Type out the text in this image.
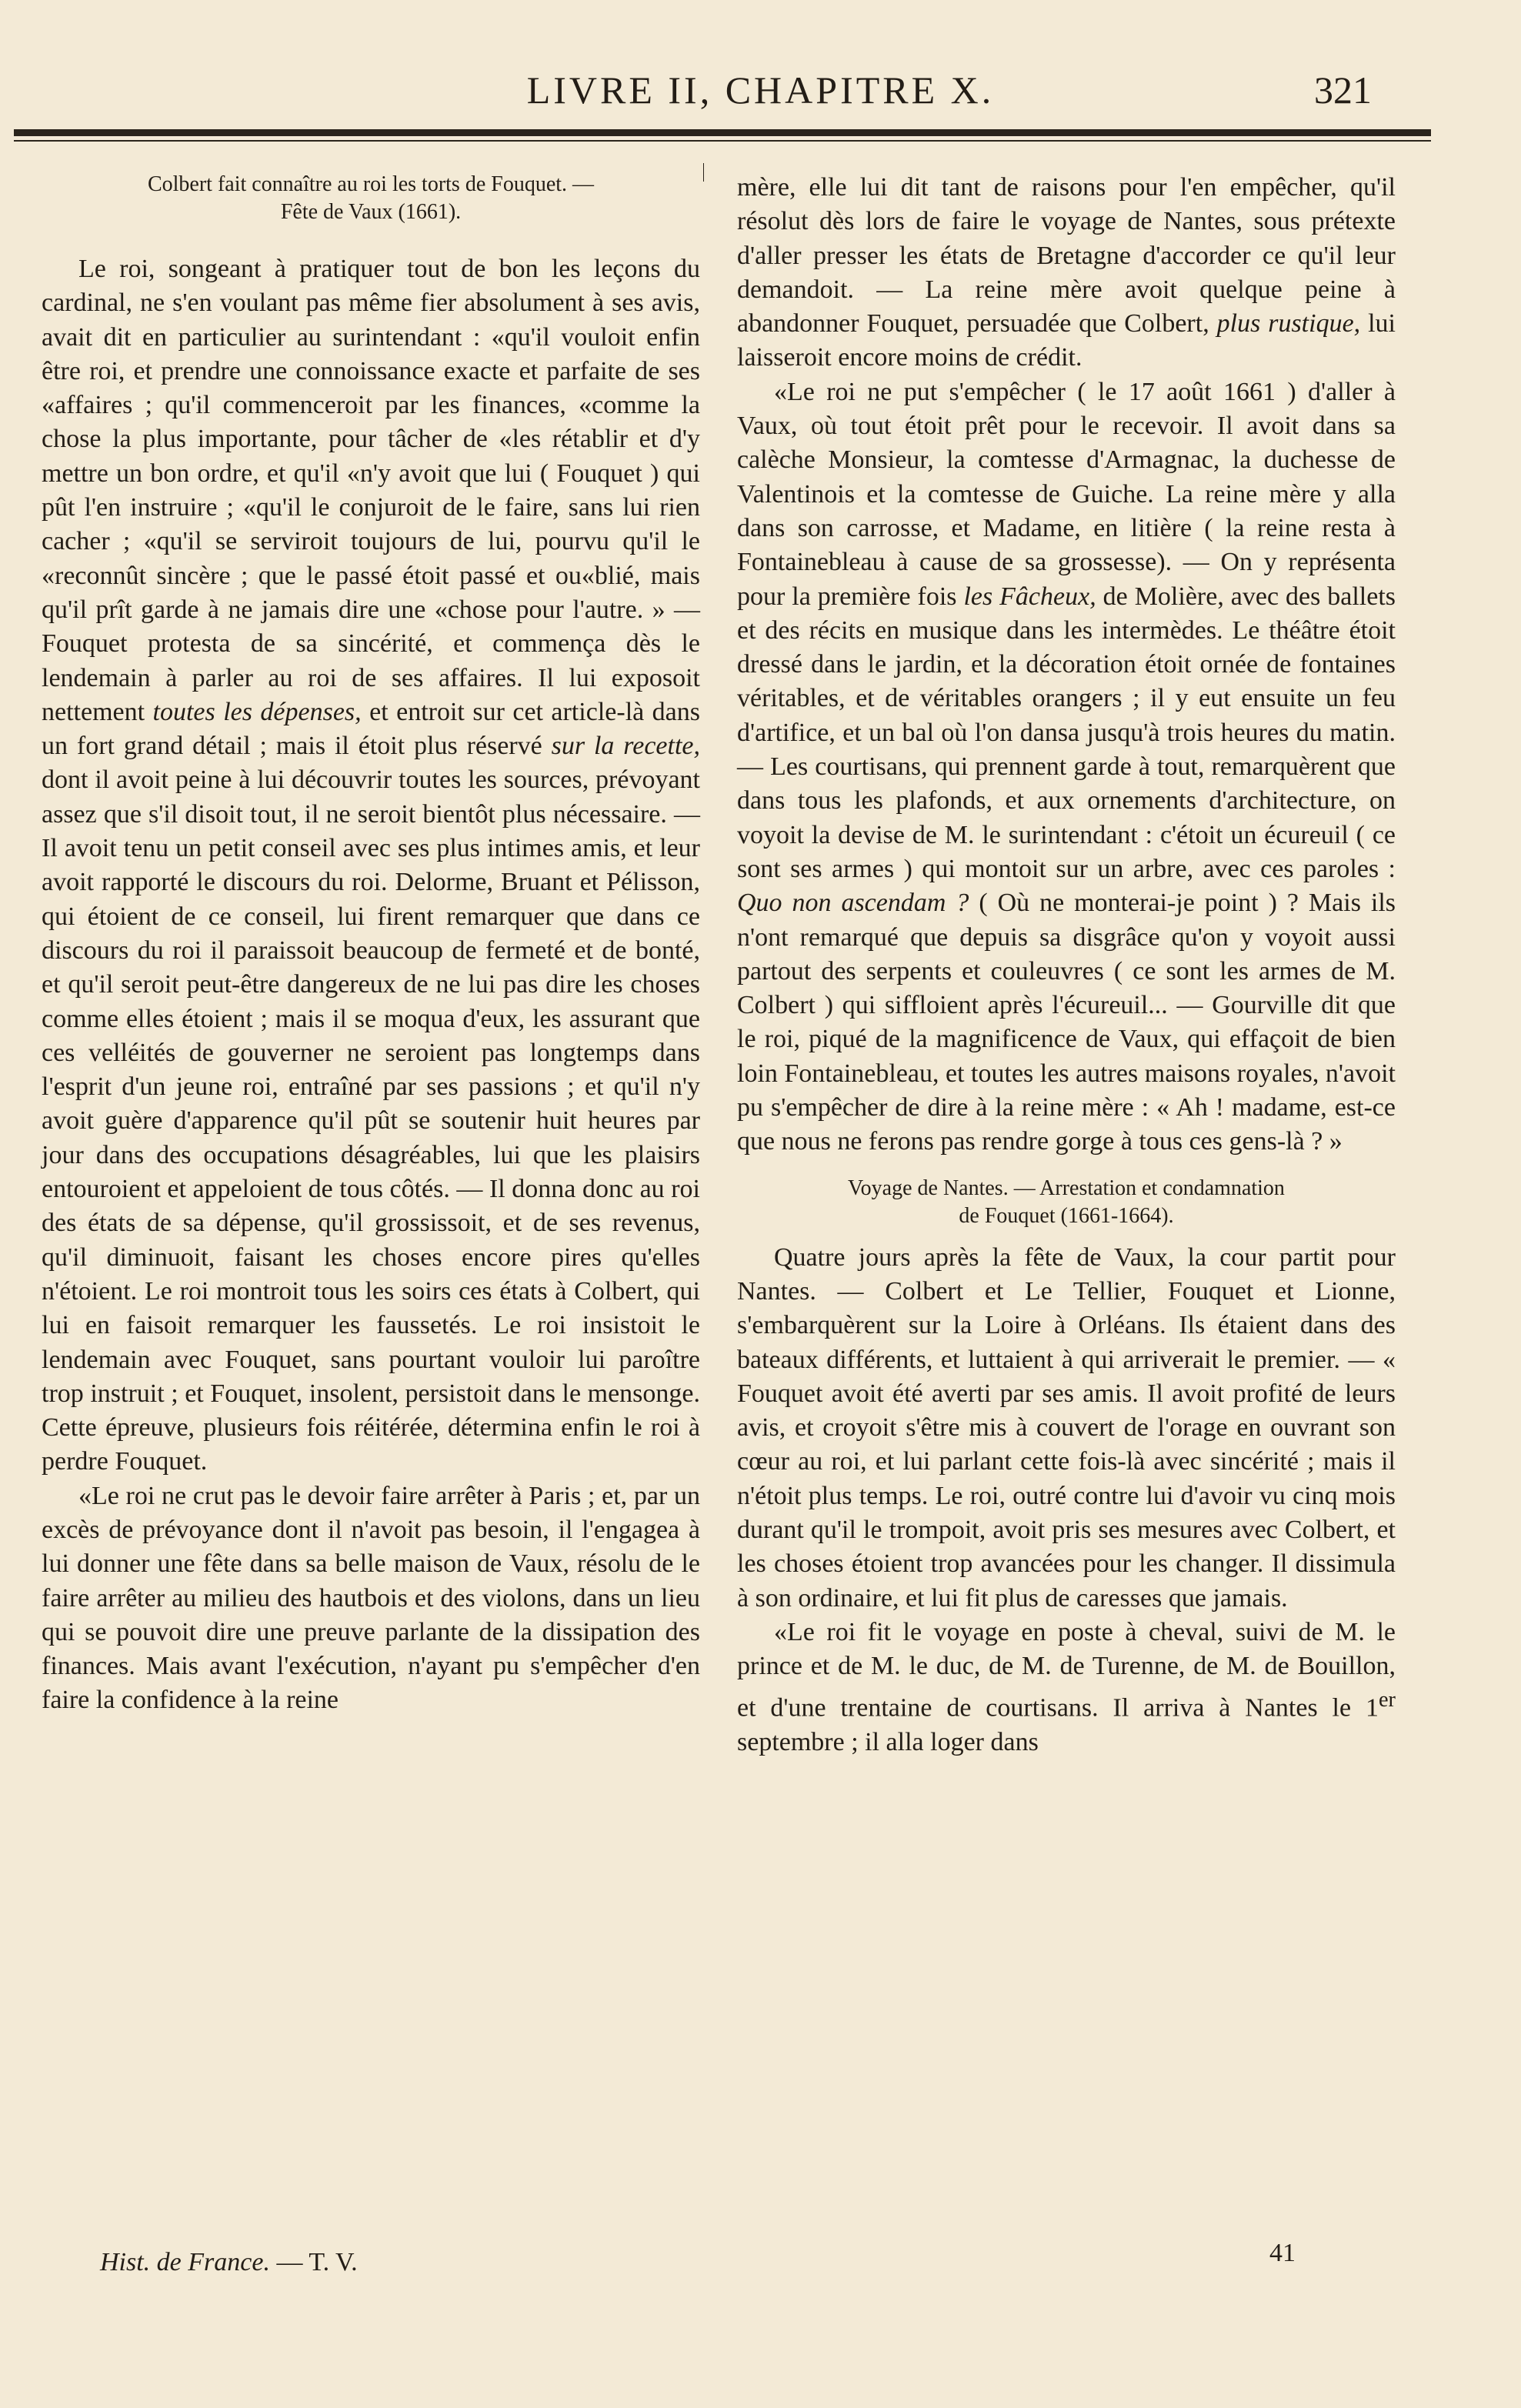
LIVRE II, CHAPITRE X.	321

Colbert fait connaître au roi les torts de Fouquet. —
Fête de Vaux (1661).

Le roi, songeant à pratiquer tout de bon les leçons du cardinal, ne s'en voulant pas même fier absolument à ses avis, avait dit en particulier au surintendant : «qu'il vouloit enfin être roi, et prendre une connoissance exacte et parfaite de ses «affaires ; qu'il commenceroit par les finances, «comme la chose la plus importante, pour tâcher de «les rétablir et d'y mettre un bon ordre, et qu'il «n'y avoit que lui ( Fouquet ) qui pût l'en instruire ; «qu'il le conjuroit de le faire, sans lui rien cacher ; «qu'il se serviroit toujours de lui, pourvu qu'il le «reconnût sincère ; que le passé étoit passé et ou«blié, mais qu'il prît garde à ne jamais dire une «chose pour l'autre. » — Fouquet protesta de sa sincérité, et commença dès le lendemain à parler au roi de ses affaires. Il lui exposoit nettement toutes les dépenses, et entroit sur cet article-là dans un fort grand détail ; mais il étoit plus réservé sur la recette, dont il avoit peine à lui découvrir toutes les sources, prévoyant assez que s'il disoit tout, il ne seroit bientôt plus nécessaire. — Il avoit tenu un petit conseil avec ses plus intimes amis, et leur avoit rapporté le discours du roi. Delorme, Bruant et Pélisson, qui étoient de ce conseil, lui firent remarquer que dans ce discours du roi il paraissoit beaucoup de fermeté et de bonté, et qu'il seroit peut-être dangereux de ne lui pas dire les choses comme elles étoient ; mais il se moqua d'eux, les assurant que ces velléités de gouverner ne seroient pas longtemps dans l'esprit d'un jeune roi, entraîné par ses passions ; et qu'il n'y avoit guère d'apparence qu'il pût se soutenir huit heures par jour dans des occupations désagréables, lui que les plaisirs entouroient et appeloient de tous côtés. — Il donna donc au roi des états de sa dépense, qu'il grossissoit, et de ses revenus, qu'il diminuoit, faisant les choses encore pires qu'elles n'étoient. Le roi montroit tous les soirs ces états à Colbert, qui lui en faisoit remarquer les faussetés. Le roi insistoit le lendemain avec Fouquet, sans pourtant vouloir lui paroître trop instruit ; et Fouquet, insolent, persistoit dans le mensonge. Cette épreuve, plusieurs fois réitérée, détermina enfin le roi à perdre Fouquet.

«Le roi ne crut pas le devoir faire arrêter à Paris ; et, par un excès de prévoyance dont il n'avoit pas besoin, il l'engagea à lui donner une fête dans sa belle maison de Vaux, résolu de le faire arrêter au milieu des hautbois et des violons, dans un lieu qui se pouvoit dire une preuve parlante de la dissipation des finances. Mais avant l'exécution, n'ayant pu s'empêcher d'en faire la confidence à la reine

mère, elle lui dit tant de raisons pour l'en empêcher, qu'il résolut dès lors de faire le voyage de Nantes, sous prétexte d'aller presser les états de Bretagne d'accorder ce qu'il leur demandoit. — La reine mère avoit quelque peine à abandonner Fouquet, persuadée que Colbert, plus rustique, lui laisseroit encore moins de crédit.

«Le roi ne put s'empêcher ( le 17 août 1661 ) d'aller à Vaux, où tout étoit prêt pour le recevoir. Il avoit dans sa calèche Monsieur, la comtesse d'Armagnac, la duchesse de Valentinois et la comtesse de Guiche. La reine mère y alla dans son carrosse, et Madame, en litière ( la reine resta à Fontainebleau à cause de sa grossesse). — On y représenta pour la première fois les Fâcheux, de Molière, avec des ballets et des récits en musique dans les intermèdes. Le théâtre étoit dressé dans le jardin, et la décoration étoit ornée de fontaines véritables, et de véritables orangers ; il y eut ensuite un feu d'artifice, et un bal où l'on dansa jusqu'à trois heures du matin. — Les courtisans, qui prennent garde à tout, remarquèrent que dans tous les plafonds, et aux ornements d'architecture, on voyoit la devise de M. le surintendant : c'étoit un écureuil ( ce sont ses armes ) qui montoit sur un arbre, avec ces paroles : Quo non ascendam ? ( Où ne monterai-je point ) ? Mais ils n'ont remarqué que depuis sa disgrâce qu'on y voyoit aussi partout des serpents et couleuvres ( ce sont les armes de M. Colbert ) qui siffloient après l'écureuil... — Gourville dit que le roi, piqué de la magnificence de Vaux, qui effaçoit de bien loin Fontainebleau, et toutes les autres maisons royales, n'avoit pu s'empêcher de dire à la reine mère : « Ah ! madame, est-ce que nous ne ferons pas rendre gorge à tous ces gens-là ? »

Voyage de Nantes. — Arrestation et condamnation
de Fouquet (1661-1664).

Quatre jours après la fête de Vaux, la cour partit pour Nantes. — Colbert et Le Tellier, Fouquet et Lionne, s'embarquèrent sur la Loire à Orléans. Ils étaient dans des bateaux différents, et luttaient à qui arriverait le premier. — « Fouquet avoit été averti par ses amis. Il avoit profité de leurs avis, et croyoit s'être mis à couvert de l'orage en ouvrant son cœur au roi, et lui parlant cette fois-là avec sincérité ; mais il n'étoit plus temps. Le roi, outré contre lui d'avoir vu cinq mois durant qu'il le trompoit, avoit pris ses mesures avec Colbert, et les choses étoient trop avancées pour les changer. Il dissimula à son ordinaire, et lui fit plus de caresses que jamais.

«Le roi fit le voyage en poste à cheval, suivi de M. le prince et de M. le duc, de M. de Turenne, de M. de Bouillon, et d'une trentaine de courtisans. Il arriva à Nantes le 1er septembre ; il alla loger dans

Hist. de France. — T. V.	41
